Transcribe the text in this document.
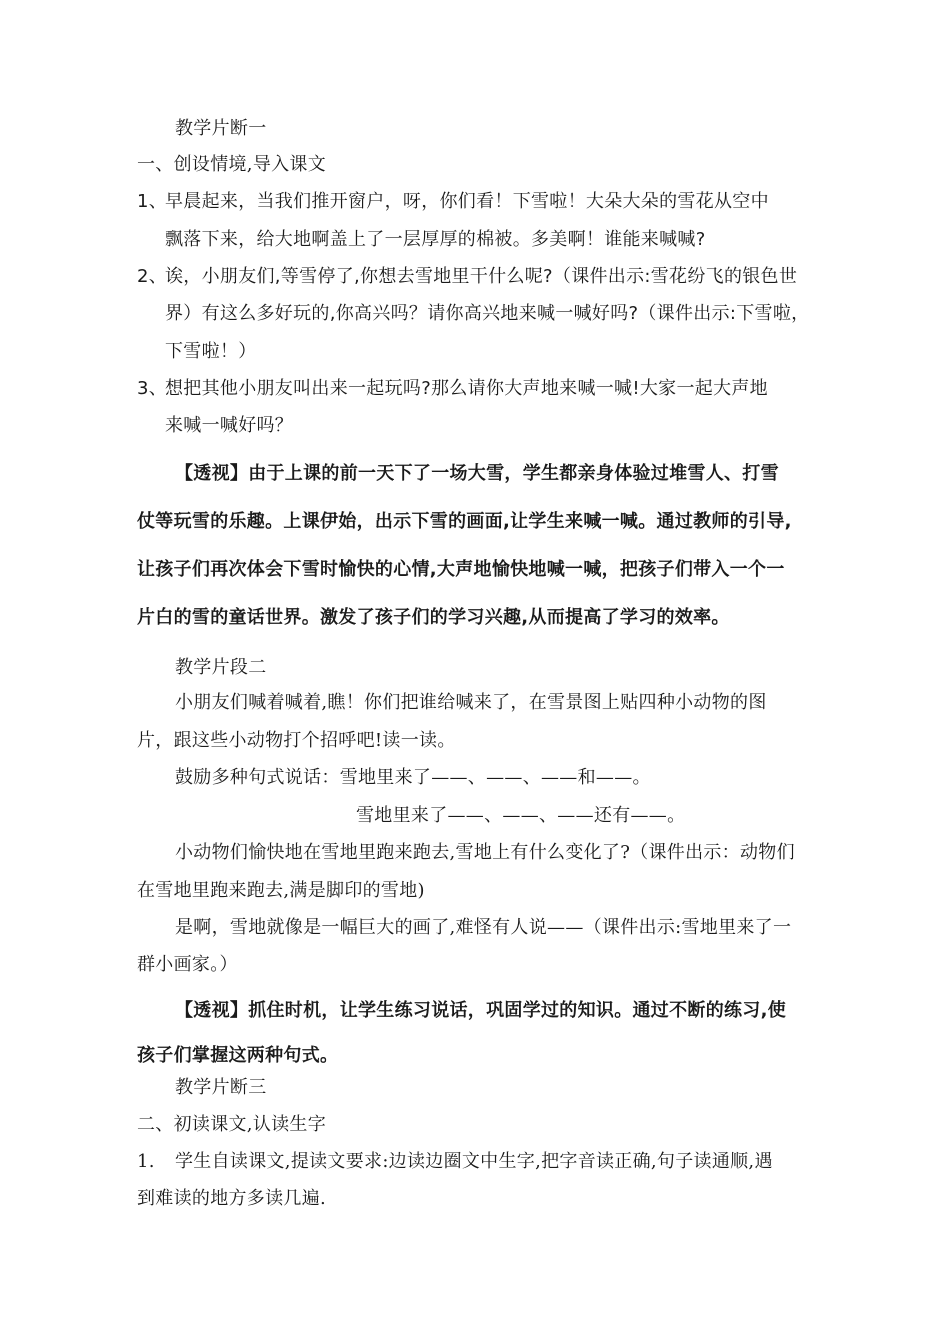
教学片断一
一、创设情境,导入课文
1、早晨起来，当我们推开窗户，呀，你们看！下雪啦！大朵大朵的雪花从空中
飘落下来，给大地啊盖上了一层厚厚的棉被。多美啊！谁能来喊喊?
2、诶，小朋友们,等雪停了,你想去雪地里干什么呢?（课件出示:雪花纷飞的银色世
界）有这么多好玩的,你高兴吗？请你高兴地来喊一喊好吗?（课件出示:下雪啦，
下雪啦！）
3、想把其他小朋友叫出来一起玩吗?那么请你大声地来喊一喊!大家一起大声地
来喊一喊好吗？
【透视】由于上课的前一天下了一场大雪，学生都亲身体验过堆雪人、打雪
仗等玩雪的乐趣。上课伊始，出示下雪的画面,让学生来喊一喊。通过教师的引导,
让孩子们再次体会下雪时愉快的心情,大声地愉快地喊一喊，把孩子们带入一个一
片白的雪的童话世界。激发了孩子们的学习兴趣,从而提高了学习的效率。
教学片段二
小朋友们喊着喊着,瞧！你们把谁给喊来了，在雪景图上贴四种小动物的图
片，跟这些小动物打个招呼吧!读一读。
鼓励多种句式说话：雪地里来了——、——、——和——。
雪地里来了——、——、——还有——。
小动物们愉快地在雪地里跑来跑去,雪地上有什么变化了?（课件出示：动物们
在雪地里跑来跑去,满是脚印的雪地)
是啊，雪地就像是一幅巨大的画了,难怪有人说——（课件出示:雪地里来了一
群小画家。）
【透视】抓住时机，让学生练习说话，巩固学过的知识。通过不断的练习,使
孩子们掌握这两种句式。
教学片断三
二、初读课文,认读生字
1. 学生自读课文,提读文要求:边读边圈文中生字,把字音读正确,句子读通顺,遇
到难读的地方多读几遍.
